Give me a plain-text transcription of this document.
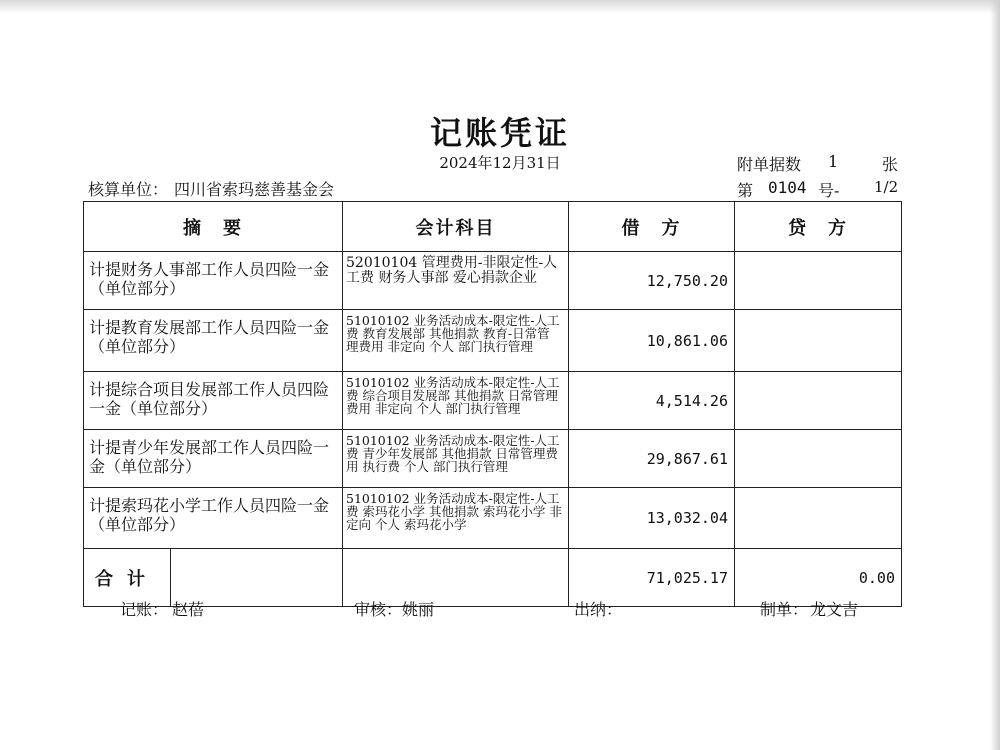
记账凭证
2024年12月31日	附单据数 1	张
核算单位： 四川省索玛慈善基金会	第 0104 号- 1/2
摘　要	会计科目	借　方	贷　方

计提财务人事部工作人员四险一金（单位部分）	52010104 管理费用-非限定性-人工费 财务人事部 爱心捐款企业	12,750.20	

计提教育发展部工作人员四险一金（单位部分）	51010102 业务活动成本-限定性-人工费 教育发展部 其他捐款 教育-日常管理费用 非定向 个人 部门执行管理	10,861.06	

计提综合项目发展部工作人员四险一金（单位部分）	51010102 业务活动成本-限定性-人工费 综合项目发展部 其他捐款 日常管理费用 非定向 个人 部门执行管理	4,514.26	

计提青少年发展部工作人员四险一金（单位部分）	51010102 业务活动成本-限定性-人工费 青少年发展部 其他捐款 日常管理费用 执行费 个人 部门执行管理	29,867.61	

计提索玛花小学工作人员四险一金（单位部分）	51010102 业务活动成本-限定性-人工费 索玛花小学 其他捐款 索玛花小学 非定向 个人 索玛花小学	13,032.04	

合计		71,025.17	0.00
记账： 赵蓓	审核： 姚丽	出纳：	制单： 龙文吉
